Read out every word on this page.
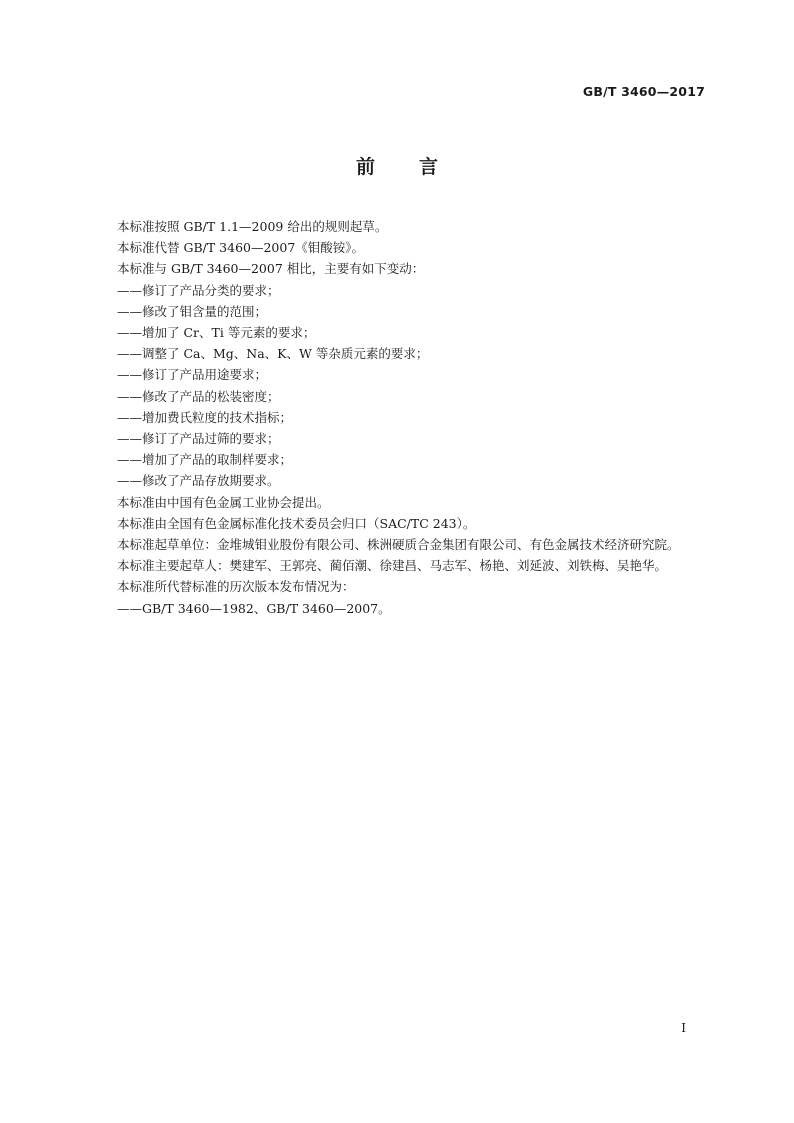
GB/T 3460—2017
前言

本标准按照 GB/T 1.1—2009 给出的规则起草。

本标准代替 GB/T 3460—2007《钼酸铵》。

本标准与 GB/T 3460—2007 相比，主要有如下变动：

——修订了产品分类的要求；

——修改了钼含量的范围；

——增加了 Cr、Ti 等元素的要求；

——调整了 Ca、Mg、Na、K、W 等杂质元素的要求；

——修订了产品用途要求；

——修改了产品的松装密度；

——增加费氏粒度的技术指标；

——修订了产品过筛的要求；

——增加了产品的取制样要求；

——修改了产品存放期要求。

本标准由中国有色金属工业协会提出。

本标准由全国有色金属标准化技术委员会归口（SAC/TC 243）。

本标准起草单位：金堆城钼业股份有限公司、株洲硬质合金集团有限公司、有色金属技术经济研究院。

本标准主要起草人：樊建军、王郭亮、蔺佰潮、徐建昌、马志军、杨艳、刘延波、刘铁梅、吴艳华。

本标准所代替标准的历次版本发布情况为：

——GB/T 3460—1982、GB/T 3460—2007。

I
